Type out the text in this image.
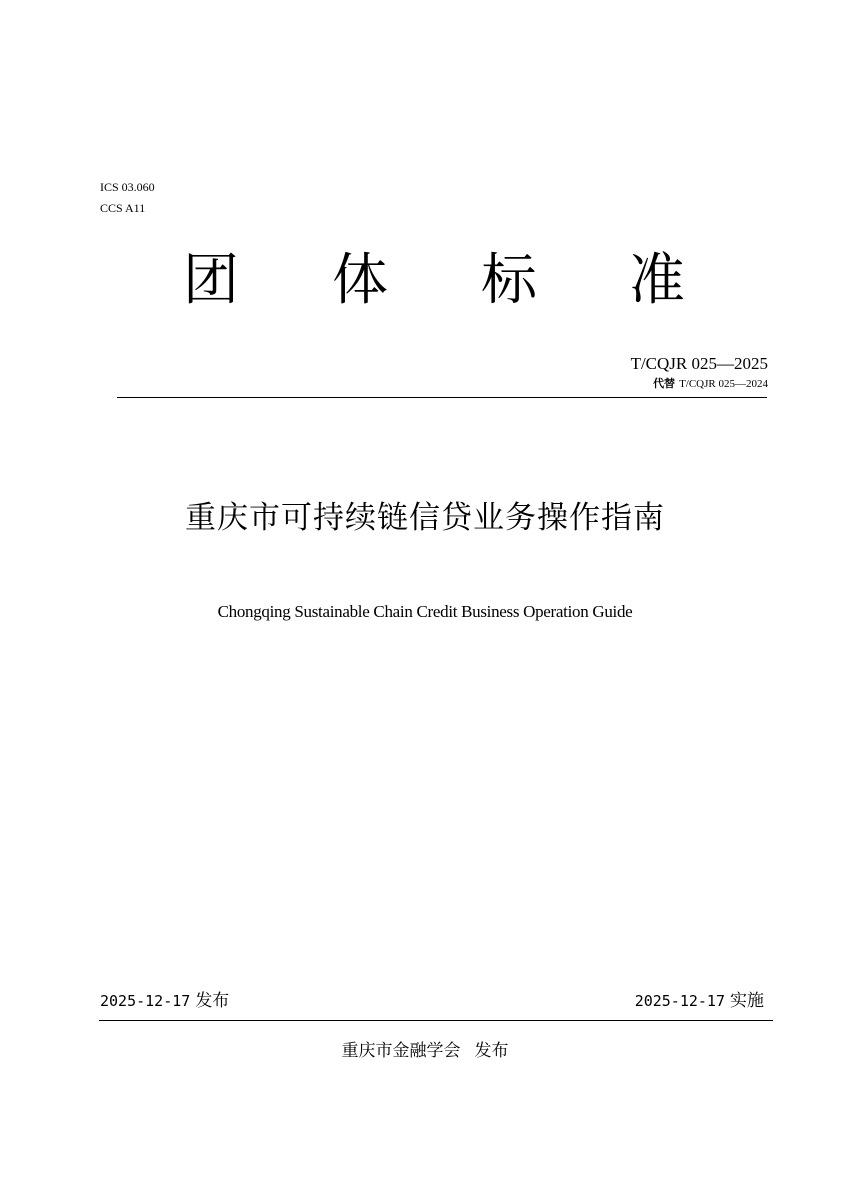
ICS 03.060
CCS A11
团 体 标 准
T/CQJR 025—2025
代替 T/CQJR 025—2024
重庆市可持续链信贷业务操作指南
Chongqing Sustainable Chain Credit Business Operation Guide
2025-12-17 发布	2025-12-17 实施
重庆市金融学会 发布
